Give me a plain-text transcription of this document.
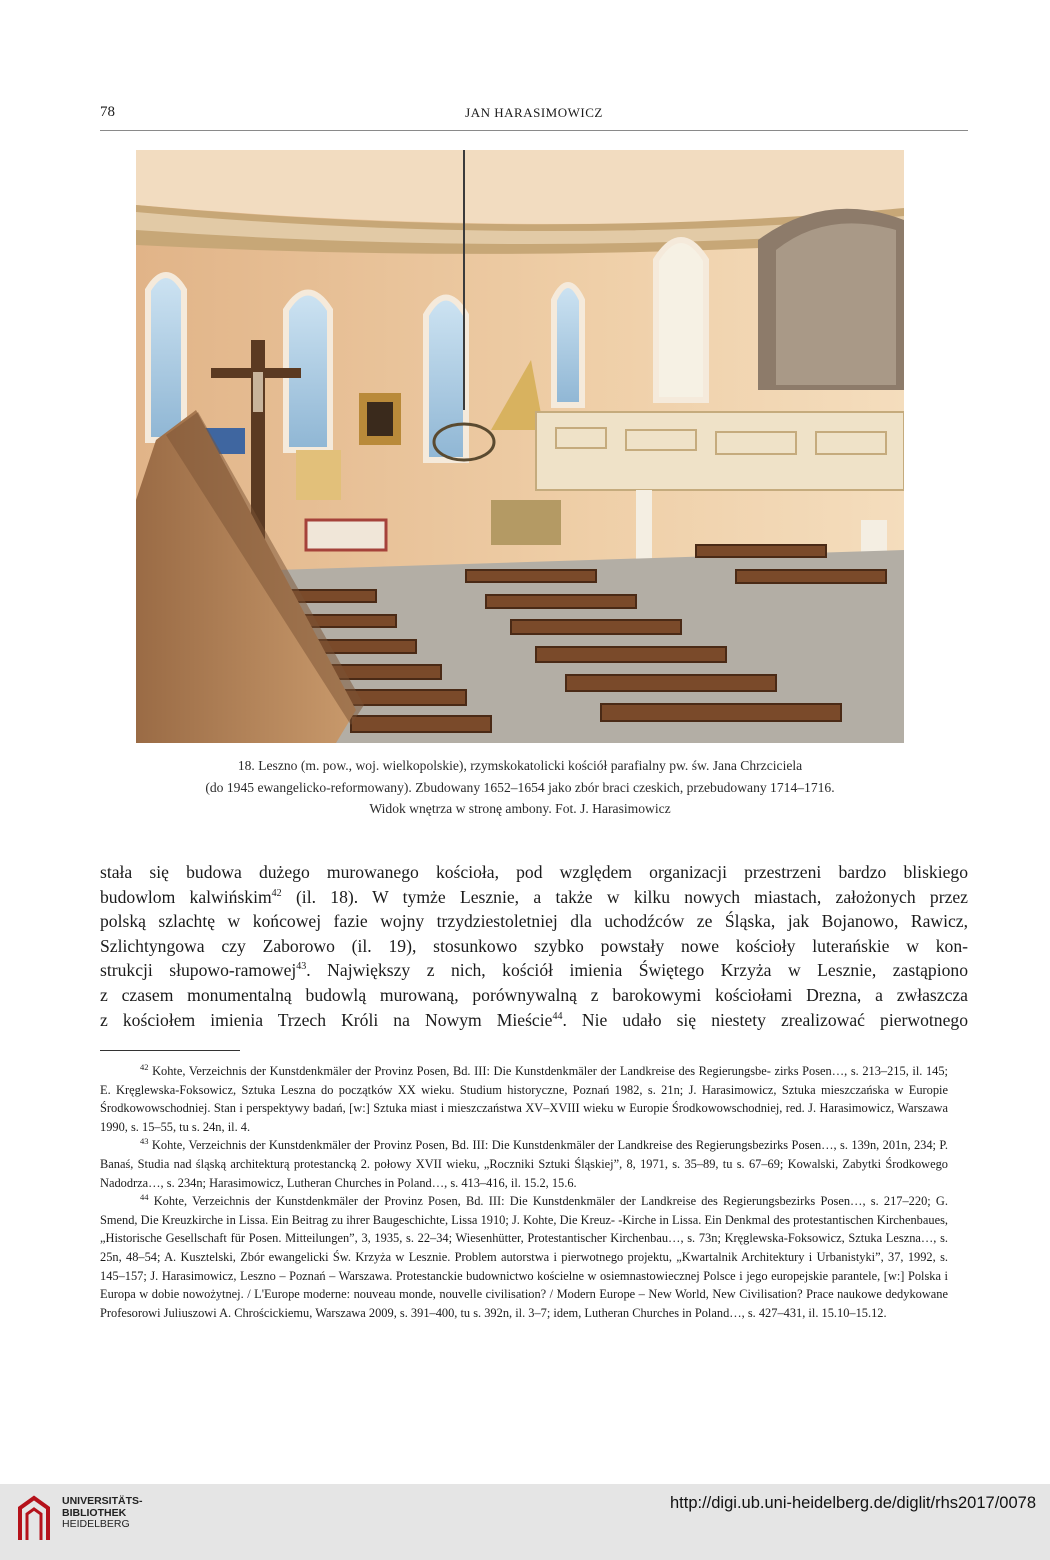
78	JAN HARASIMOWICZ
18. Leszno (m. pow., woj. wielkopolskie), rzymskokatolicki kościół parafialny pw. św. Jana Chrzciciela
(do 1945 ewangelicko-reformowany). Zbudowany 1652–1654 jako zbór braci czeskich, przebudowany 1714–1716.
Widok wnętrza w stronę ambony. Fot. J. Harasimowicz
stała się budowa dużego murowanego kościoła, pod względem organizacji przestrzeni bardzo bliskiego
budowlom kalwińskim$^{42}$ (il. 18). W tymże Lesznie, a także w kilku nowych miastach, założonych przez
polską szlachtę w końcowej fazie wojny trzydziestoletniej dla uchodźców ze Śląska, jak Bojanowo, Rawicz,
Szlichtyngowa czy Zaborowo (il. 19), stosunkowo szybko powstały nowe kościoły luterańskie w kon-
strukcji słupowo-ramowej$^{43}$. Największy z nich, kościół imienia Świętego Krzyża w Lesznie, zastąpiono
z czasem monumentalną budowlą murowaną, porównywalną z barokowymi kościołami Drezna, a zwłaszcza
z kościołem imienia Trzech Króli na Nowym Mieście$^{44}$. Nie udało się niestety zrealizować pierwotnego
$^{42}$ Kohte, Verzeichnis der Kunstdenkmäler der Provinz Posen, Bd. III: Die Kunstdenkmäler der Landkreise des Regierungsbe- zirks Posen…, s. 213–215, il. 145; E. Kręglewska-Foksowicz, Sztuka Leszna do początków XX wieku. Studium historyczne, Poznań 1982, s. 21n; J. Harasimowicz, Sztuka mieszczańska w Europie Środkowowschodniej. Stan i perspektywy badań, [w:] Sztuka miast i mieszczaństwa XV–XVIII wieku w Europie Środkowowschodniej, red. J. Harasimowicz, Warszawa 1990, s. 15–55, tu s. 24n, il. 4.
$^{43}$ Kohte, Verzeichnis der Kunstdenkmäler der Provinz Posen, Bd. III: Die Kunstdenkmäler der Landkreise des Regierungsbezirks Posen…, s. 139n, 201n, 234; P. Banaś, Studia nad śląską architekturą protestancką 2. połowy XVII wieku, „Roczniki Sztuki Śląskiej”, 8, 1971, s. 35–89, tu s. 67–69; Kowalski, Zabytki Środkowego Nadodrza…, s. 234n; Harasimowicz, Lutheran Churches in Poland…, s. 413–416, il. 15.2, 15.6.
$^{44}$ Kohte, Verzeichnis der Kunstdenkmäler der Provinz Posen, Bd. III: Die Kunstdenkmäler der Landkreise des Regierungsbezirks Posen…, s. 217–220; G. Smend, Die Kreuzkirche in Lissa. Ein Beitrag zu ihrer Baugeschichte, Lissa 1910; J. Kohte, Die Kreuz- -Kirche in Lissa. Ein Denkmal des protestantischen Kirchenbaues, „Historische Gesellschaft für Posen. Mitteilungen”, 3, 1935, s. 22–34; Wiesenhütter, Protestantischer Kirchenbau…, s. 73n; Kręglewska-Foksowicz, Sztuka Leszna…, s. 25n, 48–54; A. Kusztelski, Zbór ewangelicki Św. Krzyża w Lesznie. Problem autorstwa i pierwotnego projektu, „Kwartalnik Architektury i Urbanistyki”, 37, 1992, s. 145–157; J. Harasimowicz, Leszno – Poznań – Warszawa. Protestanckie budownictwo kościelne w osiemnastowiecznej Polsce i jego europejskie parantele, [w:] Polska i Europa w dobie nowożytnej. / L'Europe moderne: nouveau monde, nouvelle civilisation? / Modern Europe – New World, New Civilisation? Prace naukowe dedykowane Profesorowi Juliuszowi A. Chrościckiemu, Warszawa 2009, s. 391–400, tu s. 392n, il. 3–7; idem, Lutheran Churches in Poland…, s. 427–431, il. 15.10–15.12.
UNIVERSITÄTS-
BIBLIOTHEK
HEIDELBERG
http://digi.ub.uni-heidelberg.de/diglit/rhs2017/0078
